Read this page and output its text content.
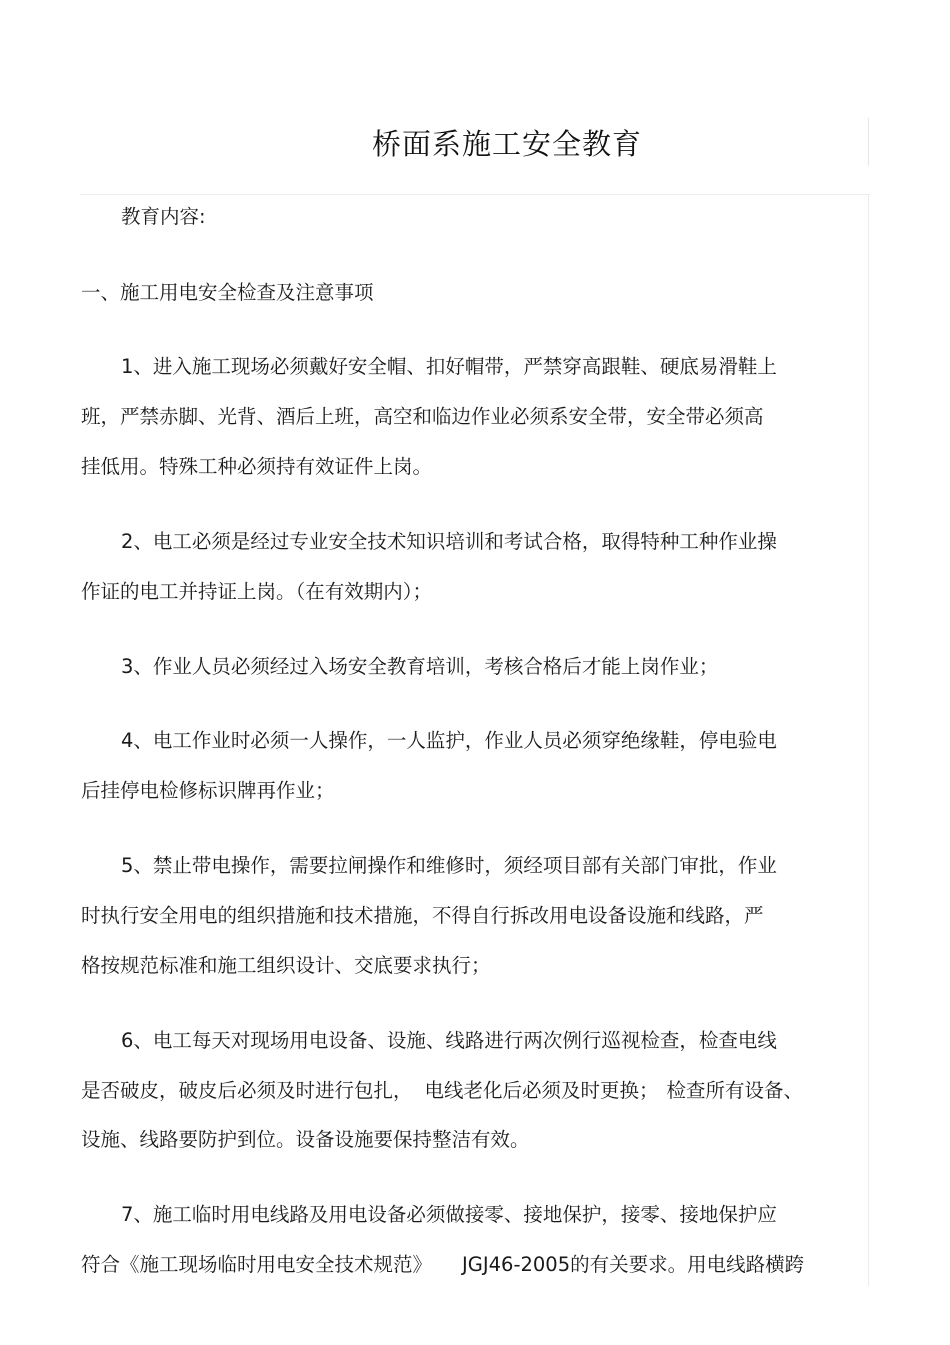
桥面系施工安全教育
教育内容:
一、施工用电安全检查及注意事项
1、进入施工现场必须戴好安全帽、扣好帽带，严禁穿高跟鞋、硬底易滑鞋上
班，严禁赤脚、光背、酒后上班，高空和临边作业必须系安全带，安全带必须高
挂低用。特殊工种必须持有效证件上岗。
2、电工必须是经过专业安全技术知识培训和考试合格，取得特种工种作业操
作证的电工并持证上岗。（在有效期内）；
3、作业人员必须经过入场安全教育培训，考核合格后才能上岗作业；
4、电工作业时必须一人操作，一人监护，作业人员必须穿绝缘鞋，停电验电
后挂停电检修标识牌再作业；
5、禁止带电操作，需要拉闸操作和维修时，须经项目部有关部门审批，作业
时执行安全用电的组织措施和技术措施，不得自行拆改用电设备设施和线路，严
格按规范标准和施工组织设计、交底要求执行；
6、电工每天对现场用电设备、设施、线路进行两次例行巡视检查，检查电线
是否破皮，破皮后必须及时进行包扎， 电线老化后必须及时更换； 检查所有设备、
设施、线路要防护到位。设备设施要保持整洁有效。
7、施工临时用电线路及用电设备必须做接零、接地保护，接零、接地保护应
符合《施工现场临时用电安全技术规范》 JGJ46-2005的有关要求。用电线路横跨
